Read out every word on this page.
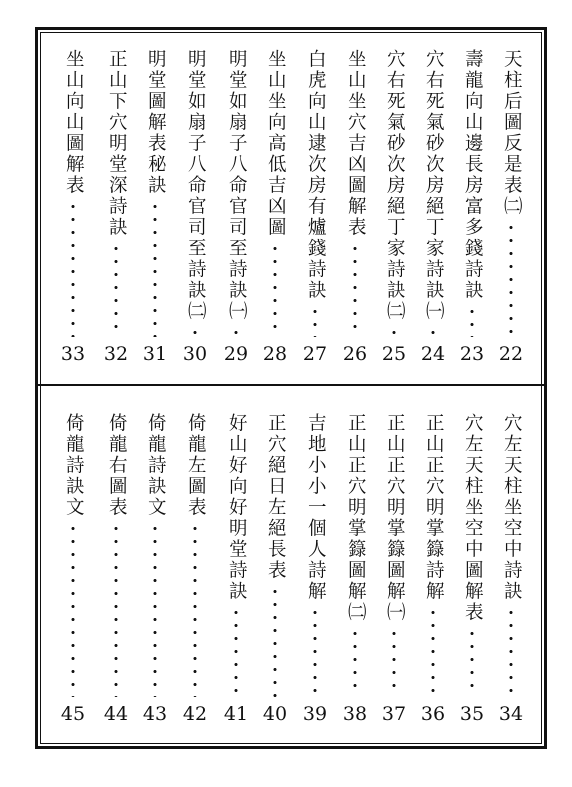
天柱后圖反是表㈡
22
壽龍向山邊長房富多錢詩訣
23
穴右死氣砂次房絕丁家詩訣㈠
24
穴右死氣砂次房絕丁家詩訣㈡
25
坐山坐穴吉凶圖解表
26
白虎向山逮次房有爐錢詩訣
27
坐山坐向高低吉凶圖
28
明堂如扇子八命官司至詩訣㈠
29
明堂如扇子八命官司至詩訣㈡
30
明堂圖解表秘訣
31
正山下穴明堂深詩訣
32
坐山向山圖解表
33
穴左天柱坐空中詩訣
34
穴左天柱坐空中圖解表
35
正山正穴明掌籙詩解
36
正山正穴明掌籙圖解㈠
37
正山正穴明掌籙圖解㈡
38
吉地小小一個人詩解
39
正穴絕日左絕長表
40
好山好向好明堂詩訣
41
倚龍左圖表
42
倚龍詩訣文
43
倚龍右圖表
44
倚龍詩訣文
45
